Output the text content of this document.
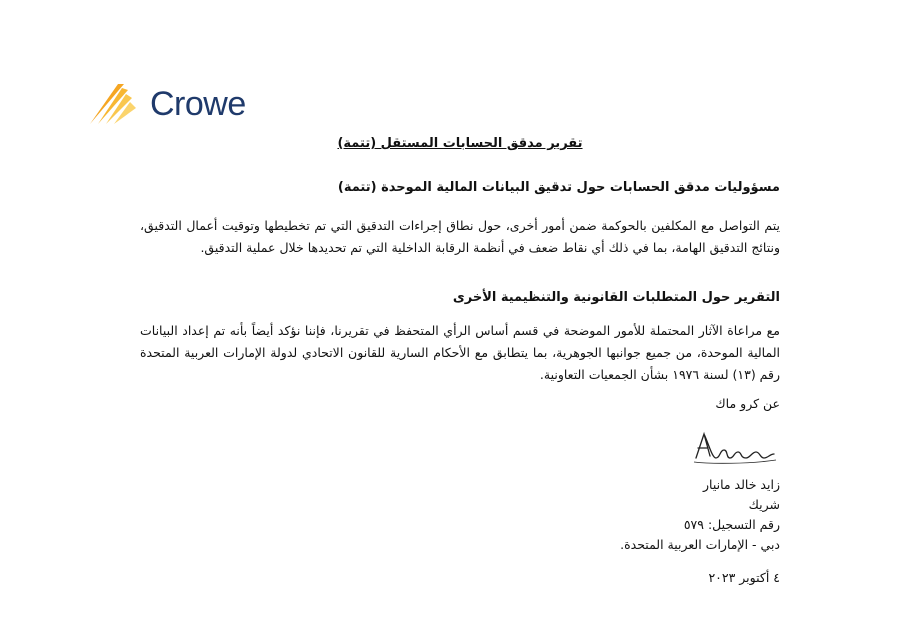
Crowe
تقرير مدقق الحسابات المستقل (تتمة)
مسؤوليات مدقق الحسابات حول تدقيق البيانات المالية الموحدة (تتمة)
يتم التواصل مع المكلفين بالحوكمة ضمن أمور أخرى، حول نطاق إجراءات التدقيق التي تم تخطيطها وتوقيت أعمال التدقيق، ونتائج التدقيق الهامة، بما في ذلك أي نقاط ضعف في أنظمة الرقابة الداخلية التي تم تحديدها خلال عملية التدقيق.
التقرير حول المتطلبات القانونية والتنظيمية الأخرى
مع مراعاة الآثار المحتملة للأمور الموضحة في قسم أساس الرأي المتحفظ في تقريرنا، فإننا نؤكد أيضاً بأنه تم إعداد البيانات المالية الموحدة، من جميع جوانبها الجوهرية، بما يتطابق مع الأحكام السارية للقانون الاتحادي لدولة الإمارات العربية المتحدة رقم (١٣) لسنة ١٩٧٦ بشأن الجمعيات التعاونية.
عن كرو ماك
زايد خالد مانيار
شريك
رقم التسجيل: ٥٧٩
دبي - الإمارات العربية المتحدة.
٤ أكتوبر ٢٠٢٣
